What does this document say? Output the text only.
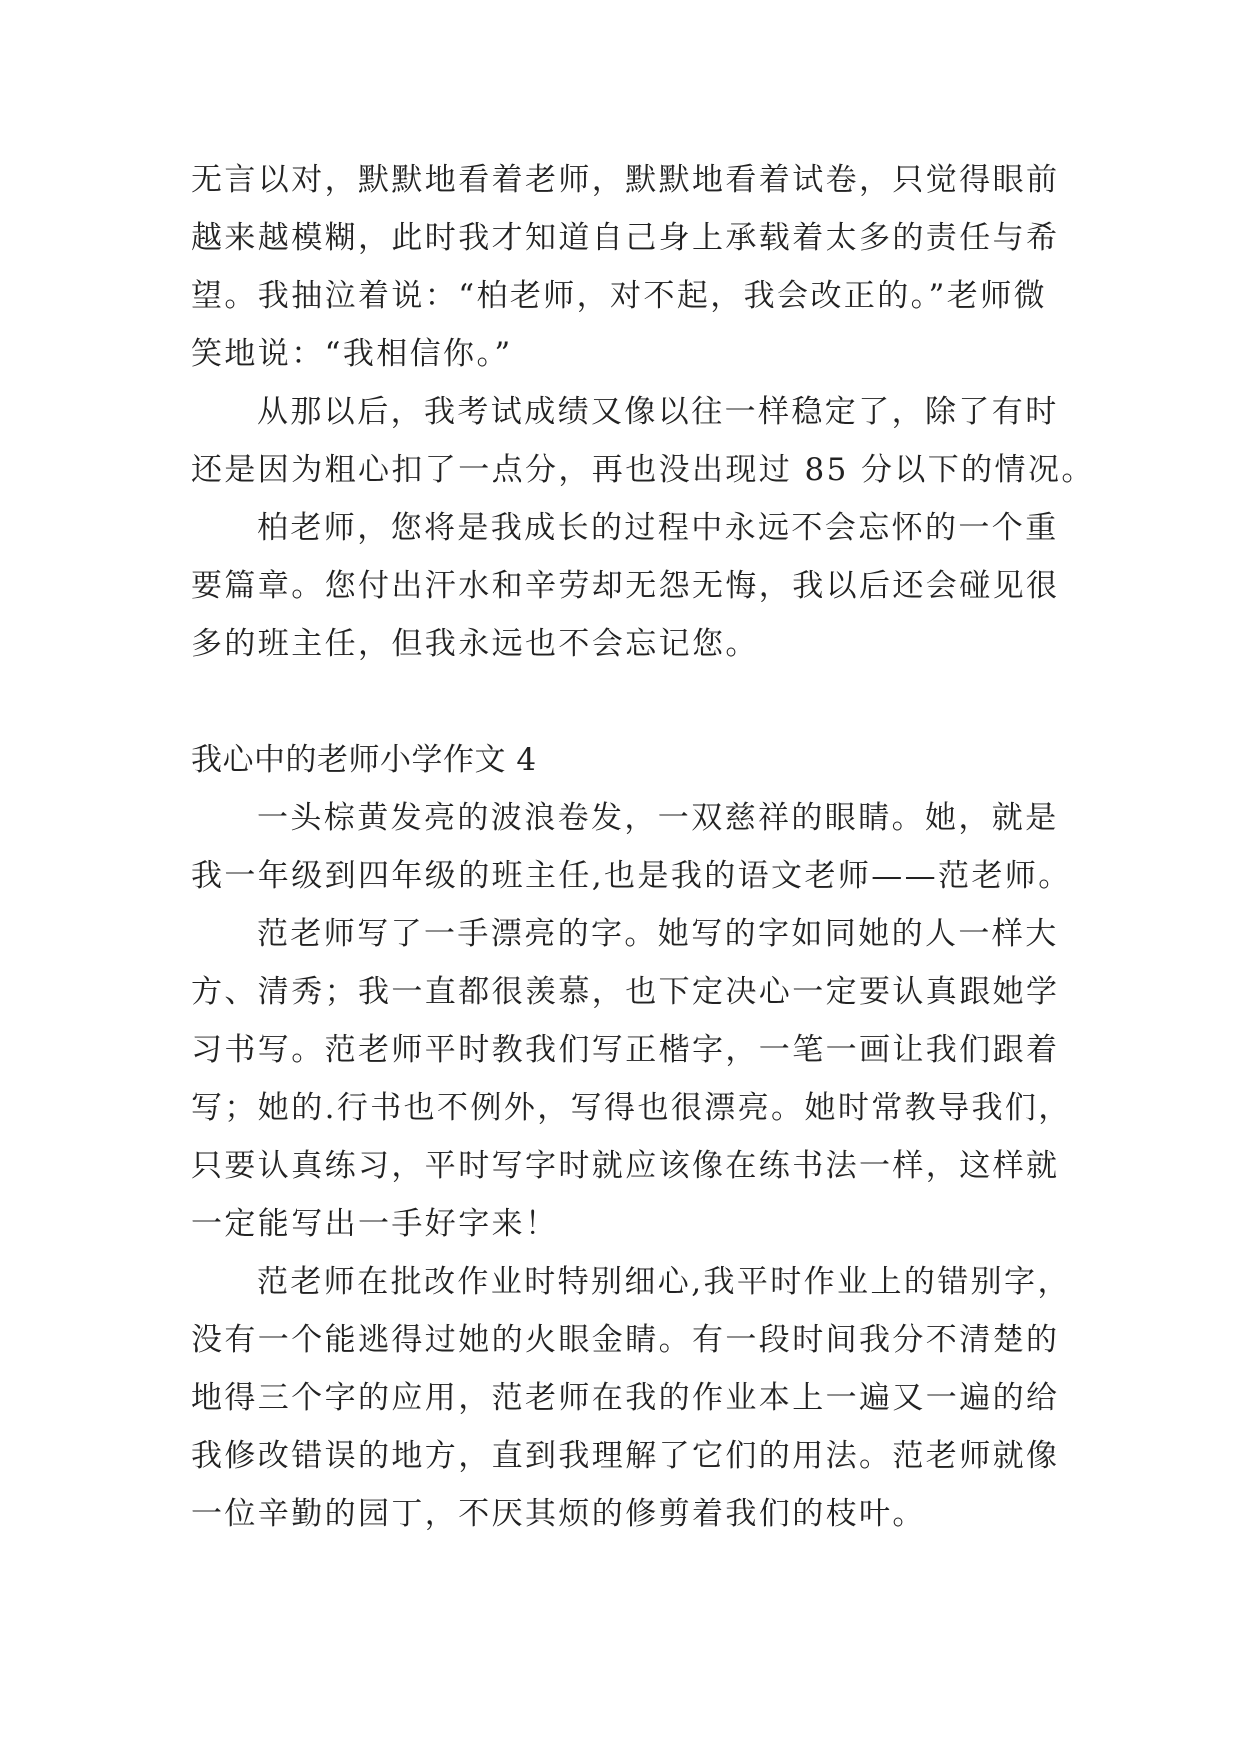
无言以对，默默地看着老师，默默地看着试卷，只觉得眼前
越来越模糊，此时我才知道自己身上承载着太多的责任与希
望。我抽泣着说：“柏老师，对不起，我会改正的。”老师微
笑地说：“我相信你。”
从那以后，我考试成绩又像以往一样稳定了，除了有时
还是因为粗心扣了一点分，再也没出现过 85 分以下的情况。
柏老师，您将是我成长的过程中永远不会忘怀的一个重
要篇章。您付出汗水和辛劳却无怨无悔，我以后还会碰见很
多的班主任，但我永远也不会忘记您。
我心中的老师小学作文 4
一头棕黄发亮的波浪卷发，一双慈祥的眼睛。她，就是
我一年级到四年级的班主任,也是我的语文老师——范老师。
范老师写了一手漂亮的字。她写的字如同她的人一样大
方、清秀；我一直都很羡慕，也下定决心一定要认真跟她学
习书写。范老师平时教我们写正楷字，一笔一画让我们跟着
写；她的.行书也不例外，写得也很漂亮。她时常教导我们，
只要认真练习，平时写字时就应该像在练书法一样，这样就
一定能写出一手好字来！
范老师在批改作业时特别细心,我平时作业上的错别字，
没有一个能逃得过她的火眼金睛。有一段时间我分不清楚的
地得三个字的应用，范老师在我的作业本上一遍又一遍的给
我修改错误的地方，直到我理解了它们的用法。范老师就像
一位辛勤的园丁，不厌其烦的修剪着我们的枝叶。
